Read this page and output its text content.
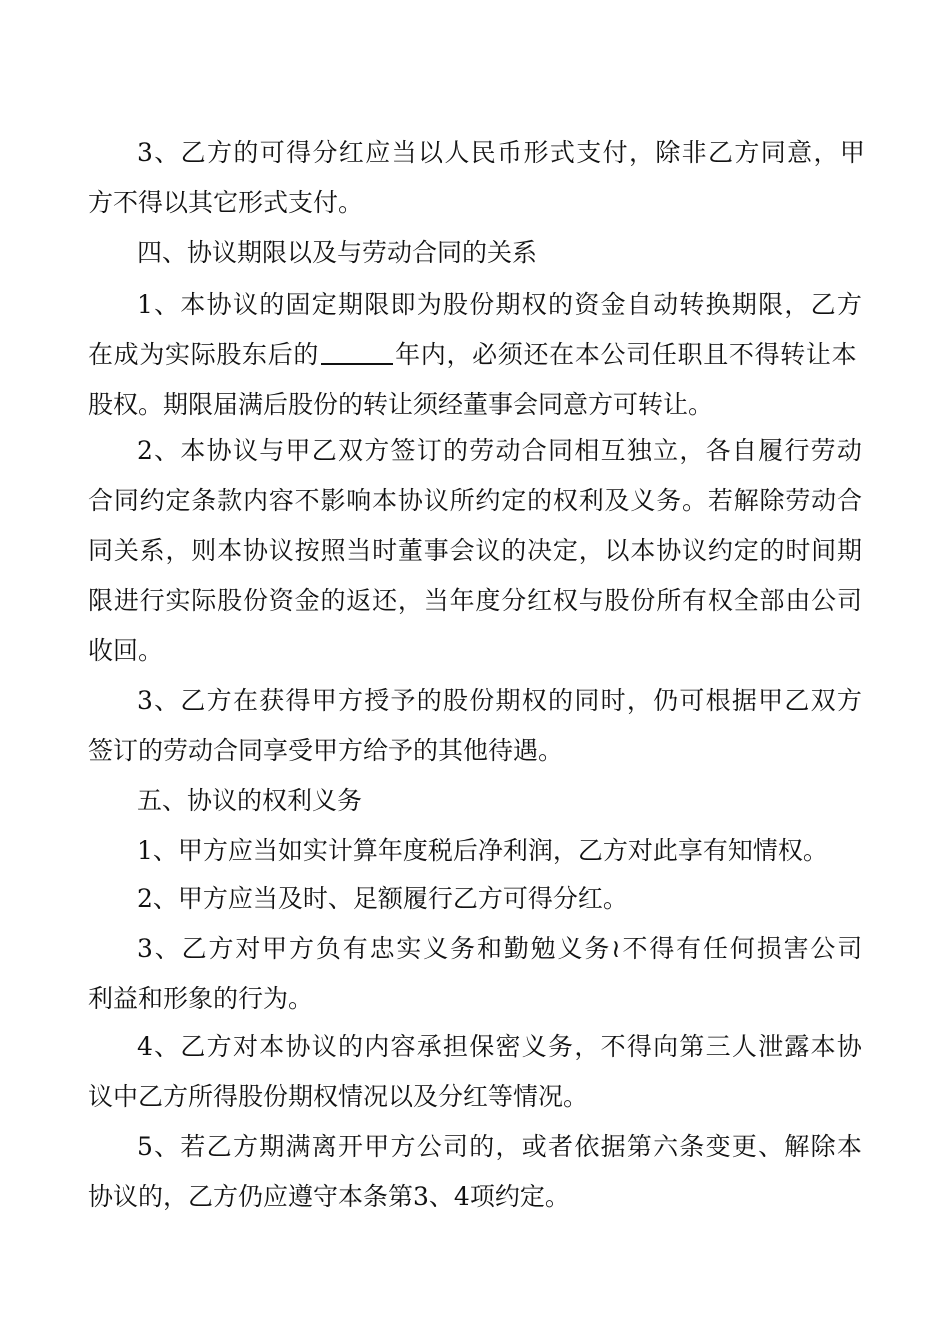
3、乙方的可得分红应当以人民币形式支付，除非乙方同意，甲
方不得以其它形式支付。
四、协议期限以及与劳动合同的关系
1、本协议的固定期限即为股份期权的资金自动转换期限，乙方
在成为实际股东后的	年内，必须还在本公司任职且不得转让本
股权。期限届满后股份的转让须经董事会同意方可转让。
2、本协议与甲乙双方签订的劳动合同相互独立，各自履行劳动
合同约定条款内容不影响本协议所约定的权利及义务。若解除劳动合
同关系，则本协议按照当时董事会议的决定，以本协议约定的时间期
限进行实际股份资金的返还，当年度分红权与股份所有权全部由公司
收回。
3、乙方在获得甲方授予的股份期权的同时，仍可根据甲乙双方
签订的劳动合同享受甲方给予的其他待遇。
五、协议的权利义务
1、甲方应当如实计算年度税后净利润，乙方对此享有知情权。
2、甲方应当及时、足额履行乙方可得分红。
3、乙方对甲方负有忠实义务和勤勉义务≀不得有任何损害公司
利益和形象的行为。
4、乙方对本协议的内容承担保密义务，不得向第三人泄露本协
议中乙方所得股份期权情况以及分红等情况。
5、若乙方期满离开甲方公司的，或者依据第六条变更、解除本
协议的，乙方仍应遵守本条第3、4项约定。
